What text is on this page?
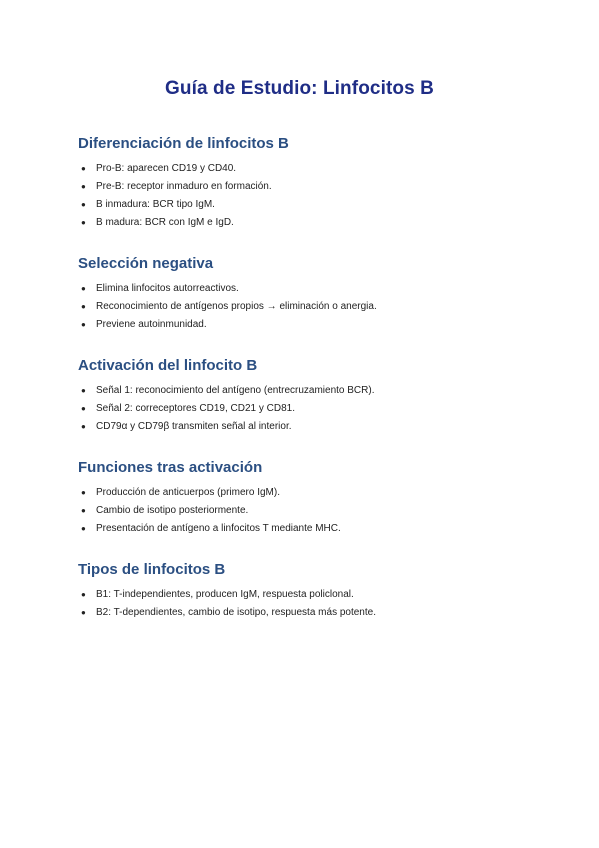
Guía de Estudio: Linfocitos B
Diferenciación de linfocitos B
● Pro-B: aparecen CD19 y CD40.
● Pre-B: receptor inmaduro en formación.
● B inmadura: BCR tipo IgM.
● B madura: BCR con IgM e IgD.
Selección negativa
● Elimina linfocitos autorreactivos.
● Reconocimiento de antígenos propios → eliminación o anergia.
● Previene autoinmunidad.
Activación del linfocito B
● Señal 1: reconocimiento del antígeno (entrecruzamiento BCR).
● Señal 2: correceptores CD19, CD21 y CD81.
● CD79α y CD79β transmiten señal al interior.
Funciones tras activación
● Producción de anticuerpos (primero IgM).
● Cambio de isotipo posteriormente.
● Presentación de antígeno a linfocitos T mediante MHC.
Tipos de linfocitos B
● B1: T-independientes, producen IgM, respuesta policlonal.
● B2: T-dependientes, cambio de isotipo, respuesta más potente.
